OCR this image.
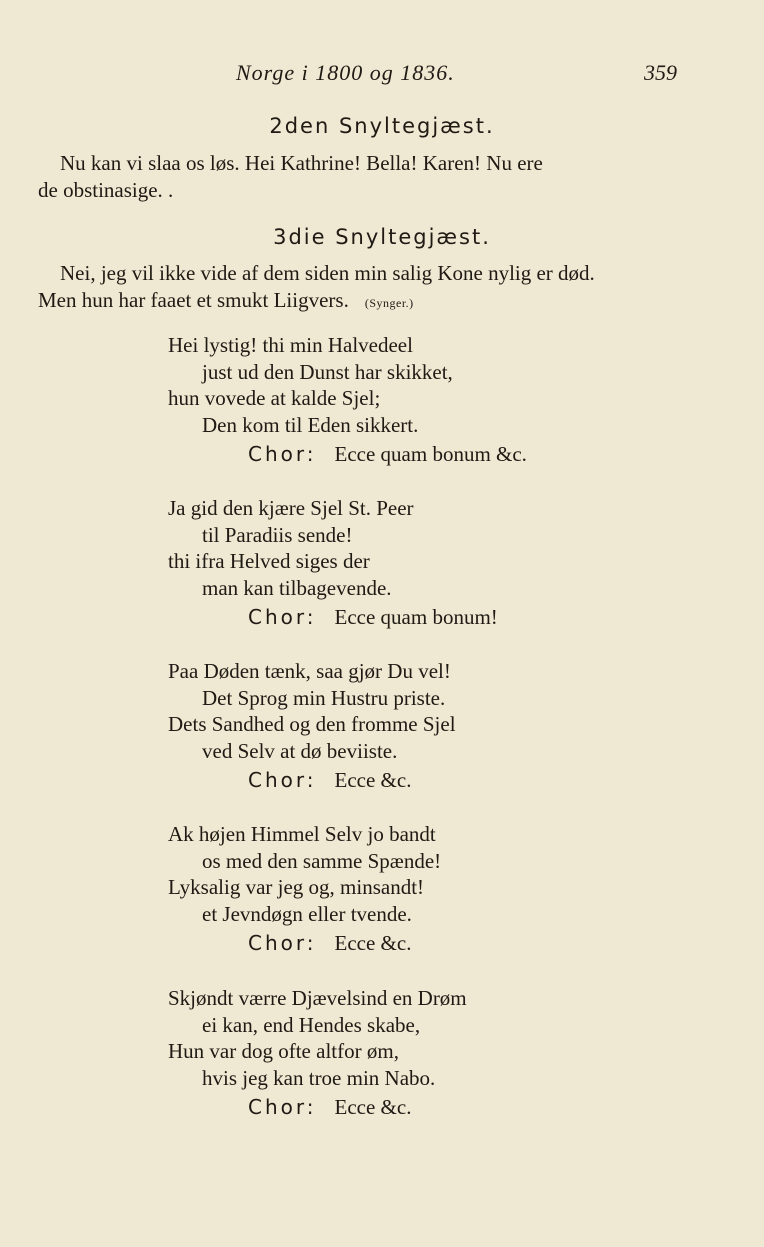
Norge i 1800 og 1836.	359
2den Snyltegjæst.
Nu kan vi slaa os løs. Hei Kathrine! Bella! Karen! Nu ere
de obstinasige. .
3die Snyltegjæst.
Nei, jeg vil ikke vide af dem siden min salig Kone nylig er død.
Men hun har faaet et smukt Liigvers. (Synger.)
Hei lystig! thi min Halvedeel
just ud den Dunst har skikket,
hun vovede at kalde Sjel;
Den kom til Eden sikkert.
Chor: Ecce quam bonum &c.
Ja gid den kjære Sjel St. Peer
til Paradiis sende!
thi ifra Helved siges der
man kan tilbagevende.
Chor: Ecce quam bonum!
Paa Døden tænk, saa gjør Du vel!
Det Sprog min Hustru priste.
Dets Sandhed og den fromme Sjel
ved Selv at dø beviiste.
Chor: Ecce &c.
Ak højen Himmel Selv jo bandt
os med den samme Spænde!
Lyksalig var jeg og, minsandt!
et Jevndøgn eller tvende.
Chor: Ecce &c.
Skjøndt værre Djævelsind en Drøm
ei kan, end Hendes skabe,
Hun var dog ofte altfor øm,
hvis jeg kan troe min Nabo.
Chor: Ecce &c.
